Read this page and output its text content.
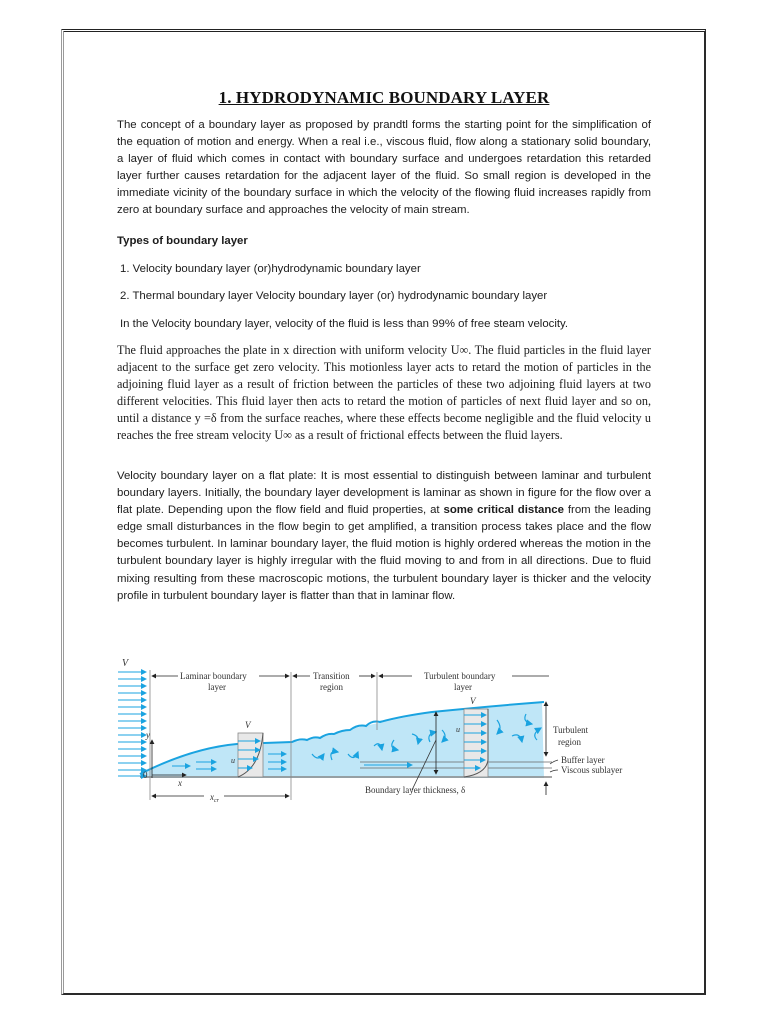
1. HYDRODYNAMIC BOUNDARY LAYER

The concept of a boundary layer as proposed by prandtl forms the starting point for the simplification of the equation of motion and energy. When a real i.e., viscous fluid, flow along a stationary solid boundary, a layer of fluid which comes in contact with boundary surface and undergoes retardation this retarded layer further causes retardation for the adjacent layer of the fluid. So small region is developed in the immediate vicinity of the boundary surface in which the velocity of the flowing fluid increases rapidly from zero at boundary surface and approaches the velocity of main stream.

Types of boundary layer

1. Velocity boundary layer (or)hydrodynamic boundary layer

2. Thermal boundary layer Velocity boundary layer (or) hydrodynamic boundary layer

In the Velocity boundary layer, velocity of the fluid is less than 99% of free steam velocity.

The fluid approaches the plate in x direction with uniform velocity U∞. The fluid particles in the fluid layer adjacent to the surface get zero velocity. This motionless layer acts to retard the motion of particles in the adjoining fluid layer as a result of friction between the particles of these two adjoining fluid layers at two different velocities. This fluid layer then acts to retard the motion of particles of next fluid layer and so on, until a distance y =δ from the surface reaches, where these effects become negligible and the fluid velocity u reaches the free stream velocity U∞ as a result of frictional effects between the fluid layers.

Velocity boundary layer on a flat plate: It is most essential to distinguish between laminar and turbulent boundary layers. Initially, the boundary layer development is laminar as shown in figure for the flow over a flat plate. Depending upon the flow field and fluid properties, at some critical distance from the leading edge small disturbances in the flow begin to get amplified, a transition process takes place and the flow becomes turbulent. In laminar boundary layer, the fluid motion is highly ordered whereas the motion in the turbulent boundary layer is highly irregular with the fluid moving to and from in all directions. Due to fluid mixing resulting from these macroscopic motions, the turbulent boundary layer is thicker and the velocity profile in turbulent boundary layer is flatter than that in laminar flow.

V
Laminar boundary
layer
Transition
region
Turbulent boundary
layer
V
u
Boundary layer thickness, δ
V
u	Turbulent
region
Buffer layer
Viscous sublayer
y
x
0
$x_{cr}$
